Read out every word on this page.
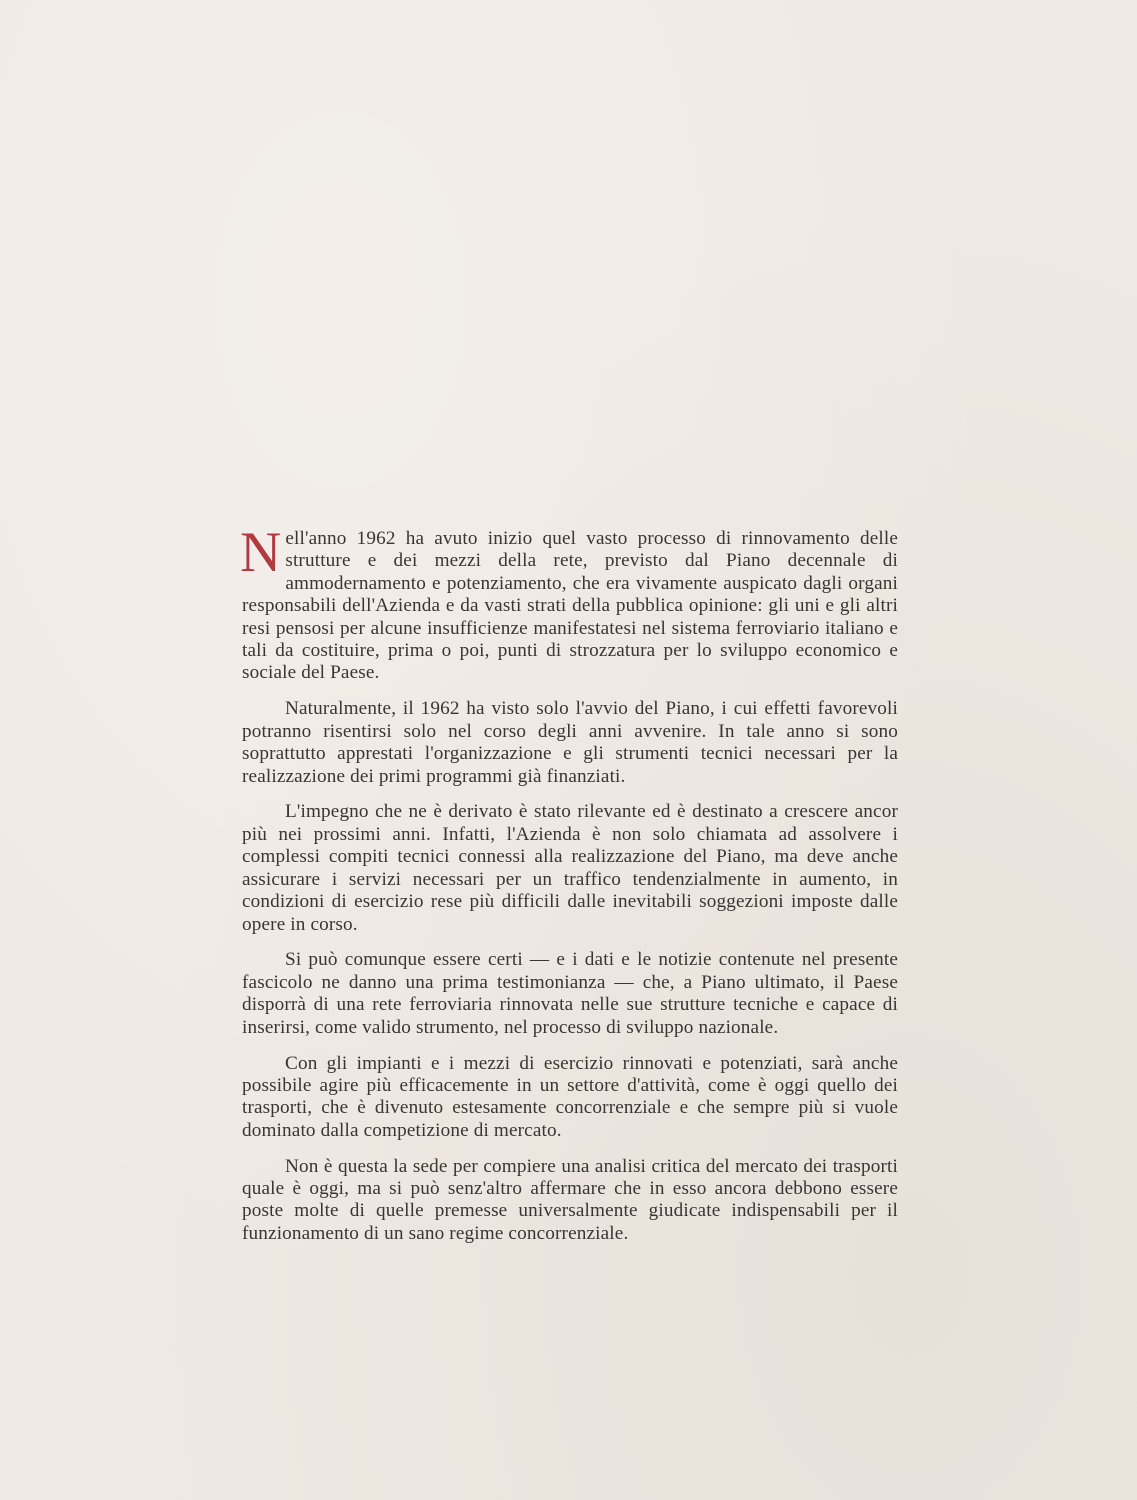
Nell'anno 1962 ha avuto inizio quel vasto processo di rinnovamento delle strutture e dei mezzi della rete, previsto dal Piano decennale di ammodernamento e potenziamento, che era vivamente auspicato dagli organi responsabili dell'Azienda e da vasti strati della pubblica opinione: gli uni e gli altri resi pensosi per alcune insufficienze manifestatesi nel sistema ferroviario italiano e tali da costituire, prima o poi, punti di strozzatura per lo sviluppo economico e sociale del Paese.

Naturalmente, il 1962 ha visto solo l'avvio del Piano, i cui effetti favorevoli potranno risentirsi solo nel corso degli anni avvenire. In tale anno si sono soprattutto apprestati l'organizzazione e gli strumenti tecnici necessari per la realizzazione dei primi programmi già finanziati.

L'impegno che ne è derivato è stato rilevante ed è destinato a crescere ancor più nei prossimi anni. Infatti, l'Azienda è non solo chiamata ad assolvere i complessi compiti tecnici connessi alla realizzazione del Piano, ma deve anche assicurare i servizi necessari per un traffico tendenzialmente in aumento, in condizioni di esercizio rese più difficili dalle inevitabili soggezioni imposte dalle opere in corso.

Si può comunque essere certi — e i dati e le notizie contenute nel presente fascicolo ne danno una prima testimonianza — che, a Piano ultimato, il Paese disporrà di una rete ferroviaria rinnovata nelle sue strutture tecniche e capace di inserirsi, come valido strumento, nel processo di sviluppo nazionale.

Con gli impianti e i mezzi di esercizio rinnovati e potenziati, sarà anche possibile agire più efficacemente in un settore d'attività, come è oggi quello dei trasporti, che è divenuto estesamente concorrenziale e che sempre più si vuole dominato dalla competizione di mercato.

Non è questa la sede per compiere una analisi critica del mercato dei trasporti quale è oggi, ma si può senz'altro affermare che in esso ancora debbono essere poste molte di quelle premesse universalmente giudicate indispensabili per il funzionamento di un sano regime concorrenziale.
